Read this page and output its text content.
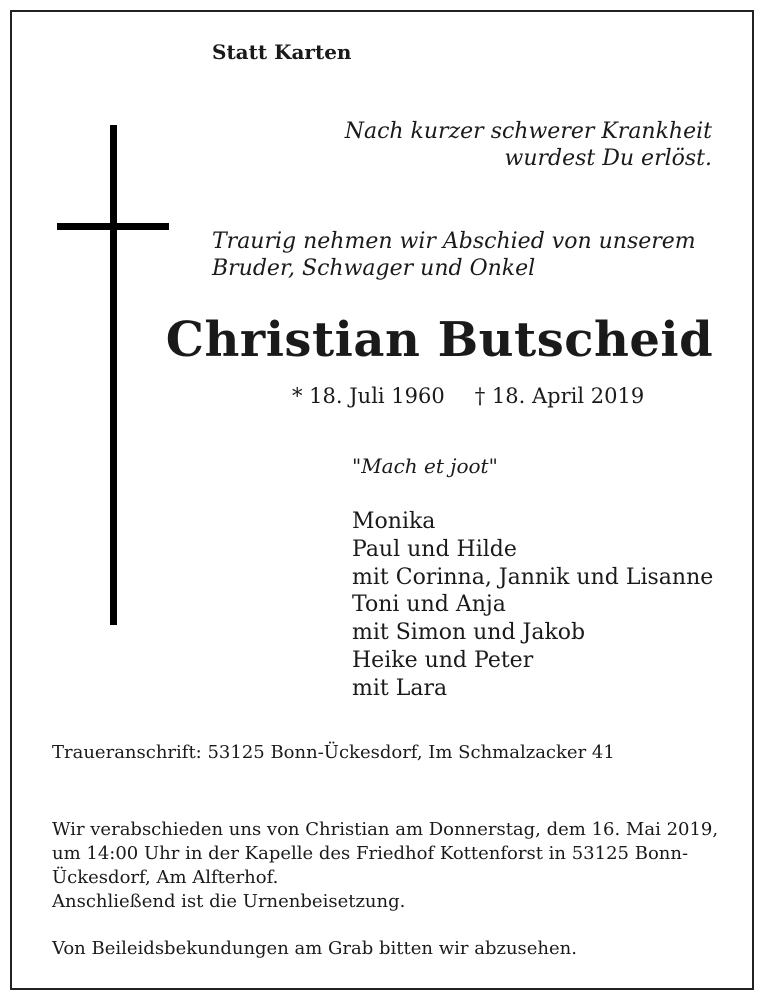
Statt Karten
Nach kurzer schwerer Krankheit
wurdest Du erlöst.
Traurig nehmen wir Abschied von unserem
Bruder, Schwager und Onkel
Christian Butscheid
* 18. Juli 1960 † 18. April 2019
"Mach et joot"
Monika
Paul und Hilde
mit Corinna, Jannik und Lisanne
Toni und Anja
mit Simon und Jakob
Heike und Peter
mit Lara
Traueranschrift: 53125 Bonn-Ückesdorf, Im Schmalzacker 41
Wir verabschieden uns von Christian am Donnerstag, dem 16. Mai 2019, um 14:00 Uhr in der Kapelle des Friedhof Kottenforst in 53125 Bonn-Ückesdorf, Am Alfterhof.
Anschließend ist die Urnenbeisetzung.
Von Beileidsbekundungen am Grab bitten wir abzusehen.
